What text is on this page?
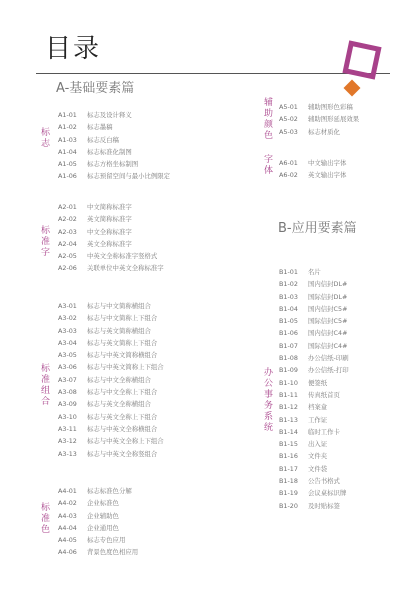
目录
A-基础要素篇
B-应用要素篇
标志
标准字
标准组合
标准色
辅助颜色
字体
办公事务系统
A1-01 标志及设计释义
A1-02 标志墨稿
A1-03 标志反白稿
A1-04 标志标准化制图
A1-05 标志方格坐标制图
A1-06 标志预留空间与最小比例限定
A2-01 中文简称标准字
A2-02 英文简称标准字
A2-03 中文全称标准字
A2-04 英文全称标准字
A2-05 中英文全称标准字竖格式
A2-06 关联单位中英文全称标准字
A3-01 标志与中文简称横组合
A3-02 标志与中文简称上下组合
A3-03 标志与英文简称横组合
A3-04 标志与英文简称上下组合
A3-05 标志与中英文简称横组合
A3-06 标志与中英文简称上下组合
A3-07 标志与中文全称横组合
A3-08 标志与中文全称上下组合
A3-09 标志与英文全称横组合
A3-10 标志与英文全称上下组合
A3-11 标志与中英文全称横组合
A3-12 标志与中英文全称上下组合
A3-13 标志与中英文全称竖组合
A4-01 标志标准色分解
A4-02 企业标准色
A4-03 企业辅助色
A4-04 企业通用色
A4-05 标志专色应用
A4-06 背景色度色相应用
A5-01 辅助图形色彩稿
A5-02 辅助图形延展效果
A5-03 标志材质化
A6-01 中文输出字体
A6-02 英文输出字体
B1-01 名片
B1-02 国内信封DL#
B1-03 国际信封DL#
B1-04 国内信封C5#
B1-05 国际信封C5#
B1-06 国内信封C4#
B1-07 国际信封C4#
B1-08 办公信纸-印刷
B1-09 办公信纸-打印
B1-10 便签纸
B1-11 传真纸首页
B1-12 档案盒
B1-13 工作证
B1-14 临时工作卡
B1-15 出入证
B1-16 文件夹
B1-17 文件袋
B1-18 公告书格式
B1-19 会议桌标识牌
B1-20 及时贴标签
